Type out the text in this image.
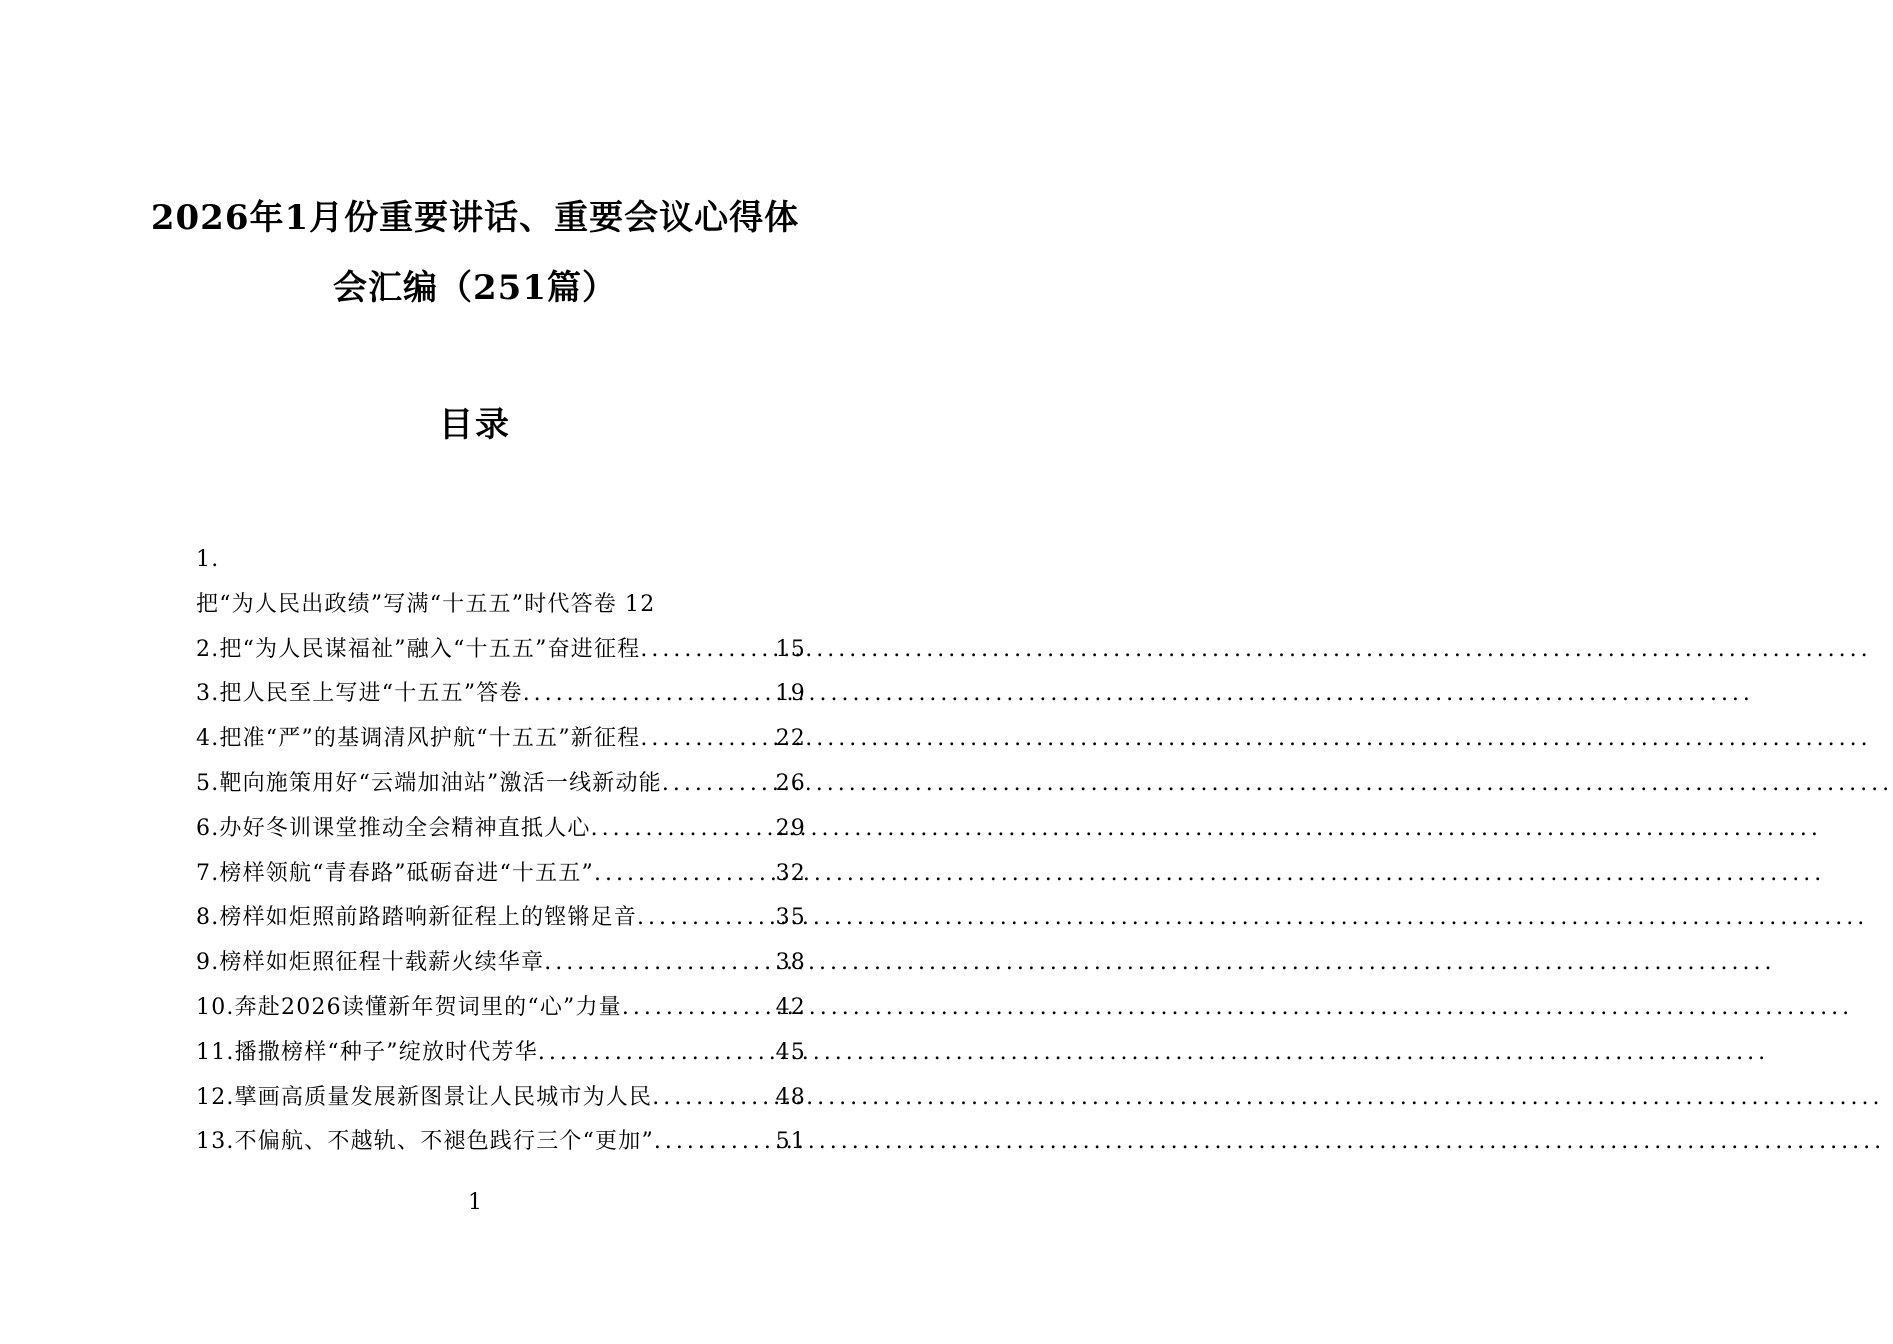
2026年1月份重要讲话、重要会议心得体
会汇编（251篇）
目录
1.
把“为人民出政绩”写满“十五五”时代答卷 12
2. 把“为人民谋福祉”融入“十五五”奋进征程 .....	15
3. 把人民至上写进“十五五”答卷 .....	19
4. 把准“严”的基调清风护航“十五五”新征程 .....	22
5. 靶向施策用好“云端加油站”激活一线新动能 .....	26
6. 办好冬训课堂推动全会精神直抵人心 .....	29
7. 榜样领航“青春路”砥砺奋进“十五五” .....	32
8. 榜样如炬照前路踏响新征程上的铿锵足音 .....	35
9. 榜样如炬照征程十载薪火续华章 .....	38
10. 奔赴2026读懂新年贺词里的“心”力量 .....	42
11. 播撒榜样“种子”绽放时代芳华 .....	45
12. 擘画高质量发展新图景让人民城市为人民 .....	48
13. 不偏航、不越轨、不褪色践行三个“更加” .....	51
1
